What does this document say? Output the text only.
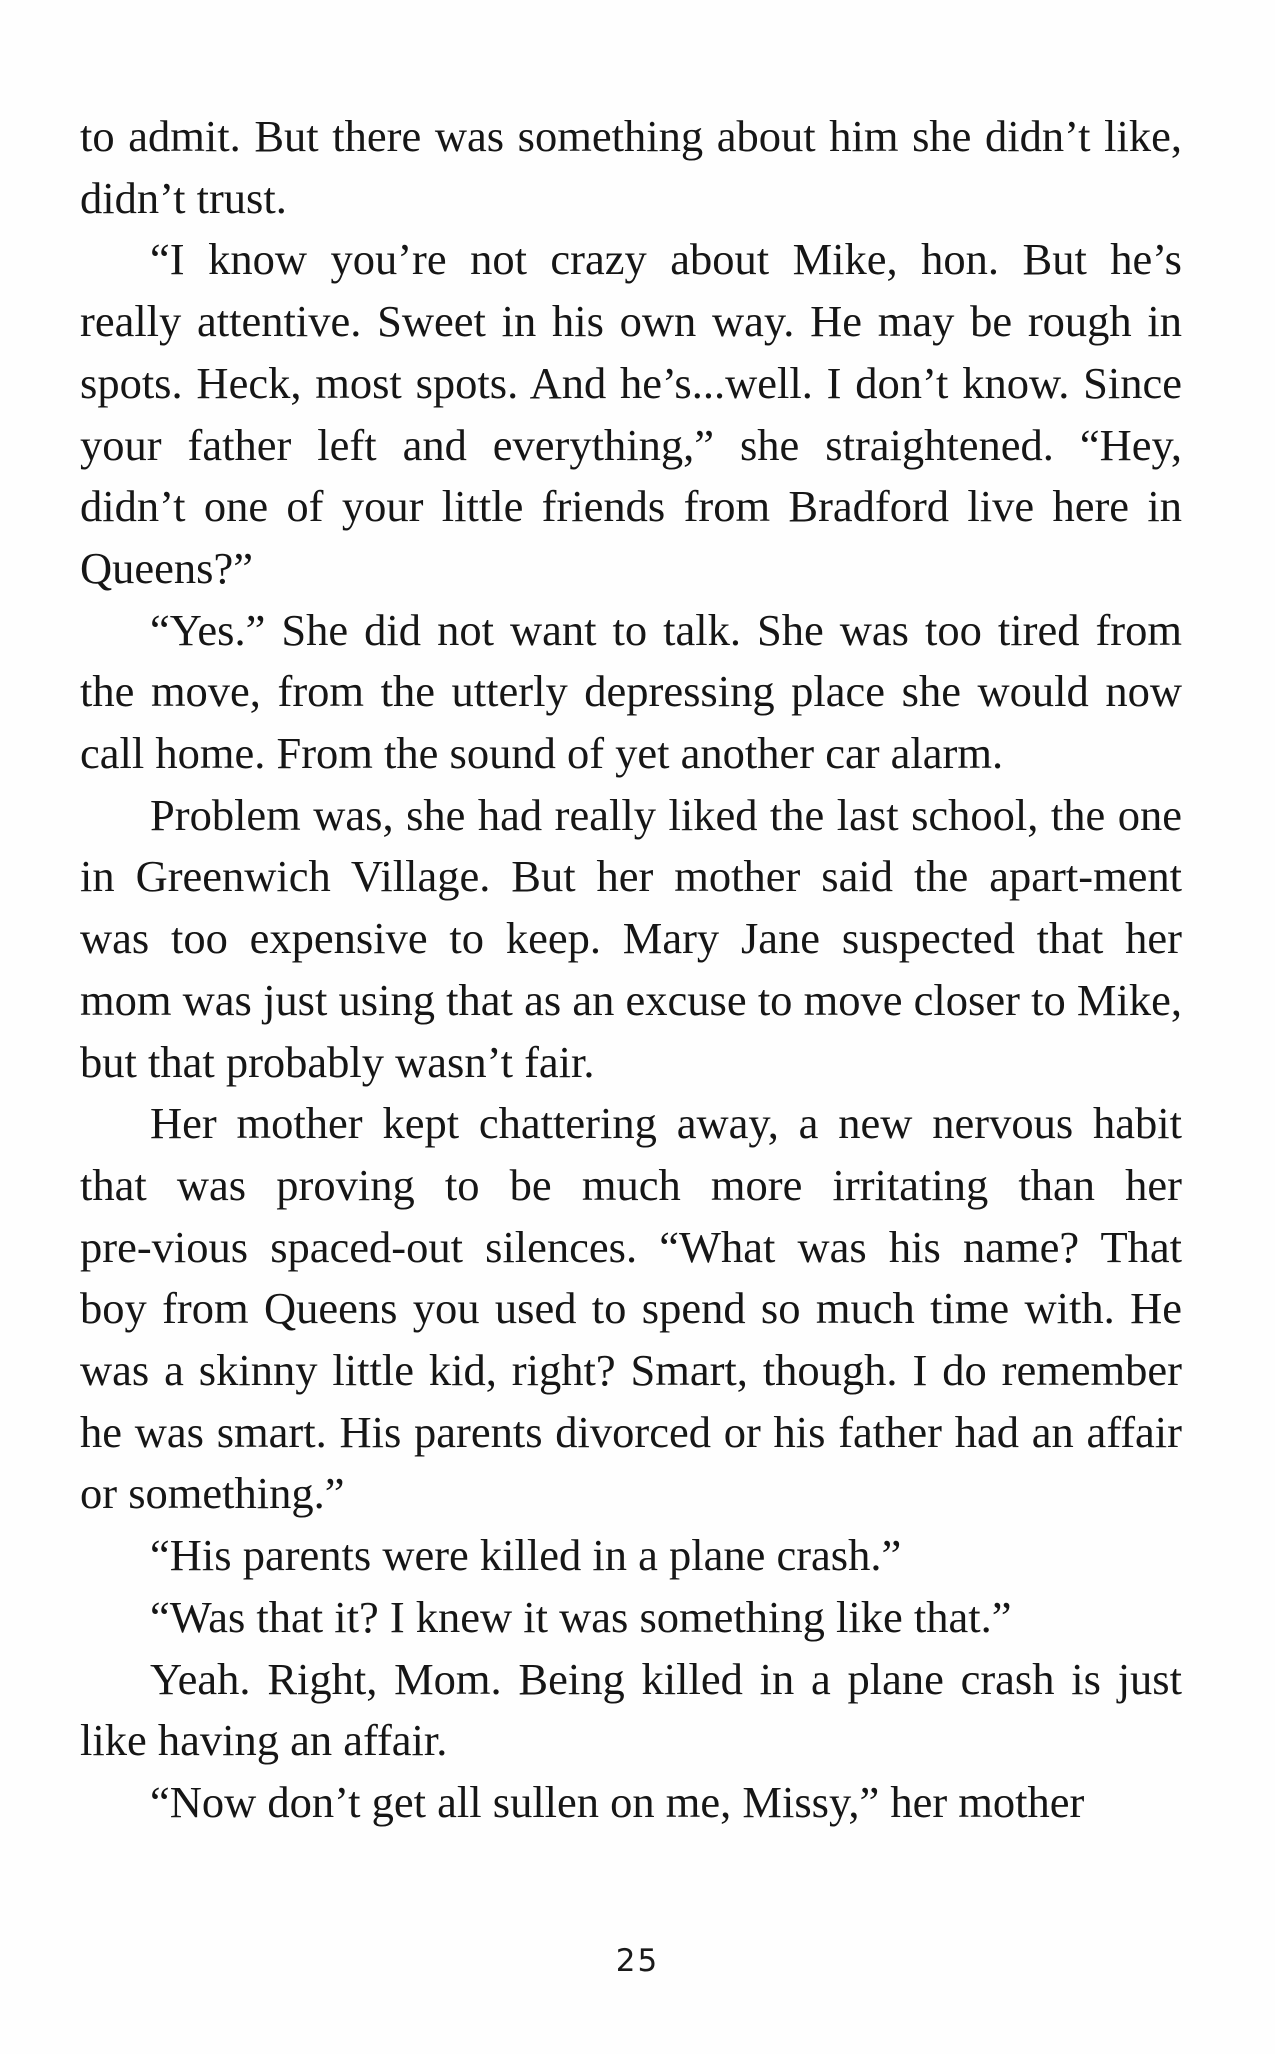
to admit. But there was something about him she didn’t like, didn’t trust.

“I know you’re not crazy about Mike, hon. But he’s really attentive. Sweet in his own way. He may be rough in spots. Heck, most spots. And he’s...well. I don’t know. Since your father left and everything,” she straightened. “Hey, didn’t one of your little friends from Bradford live here in Queens?”

“Yes.” She did not want to talk. She was too tired from the move, from the utterly depressing place she would now call home. From the sound of yet another car alarm.

Problem was, she had really liked the last school, the one in Greenwich Village. But her mother said the apart‑ment was too expensive to keep. Mary Jane suspected that her mom was just using that as an excuse to move closer to Mike, but that probably wasn’t fair.

Her mother kept chattering away, a new nervous habit that was proving to be much more irritating than her pre‑vious spaced‑out silences. “What was his name? That boy from Queens you used to spend so much time with. He was a skinny little kid, right? Smart, though. I do remember he was smart. His parents divorced or his father had an affair or something.”

“His parents were killed in a plane crash.”

“Was that it? I knew it was something like that.”

Yeah. Right, Mom. Being killed in a plane crash is just like having an affair.

“Now don’t get all sullen on me, Missy,” her mother

25
